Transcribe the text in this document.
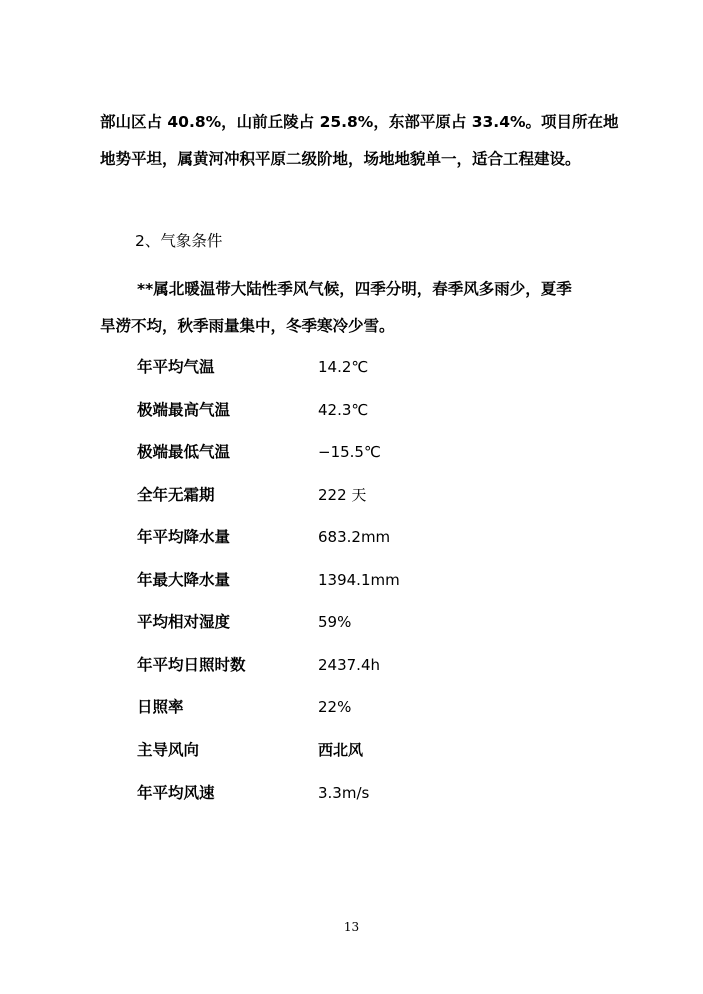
部山区占 40.8%，山前丘陵占 25.8%，东部平原占 33.4%。项目所在地
地势平坦，属黄河冲积平原二级阶地，场地地貌单一，适合工程建设。
2、气象条件
**属北暖温带大陆性季风气候，四季分明，春季风多雨少，夏季
旱涝不均，秋季雨量集中，冬季寒冷少雪。
年平均气温	14.2℃
极端最高气温	42.3℃
极端最低气温	−15.5℃
全年无霜期	222 天
年平均降水量	683.2mm
年最大降水量	1394.1mm
平均相对湿度	59%
年平均日照时数	2437.4h
日照率	22%
主导风向	西北风
年平均风速	3.3m/s
13
